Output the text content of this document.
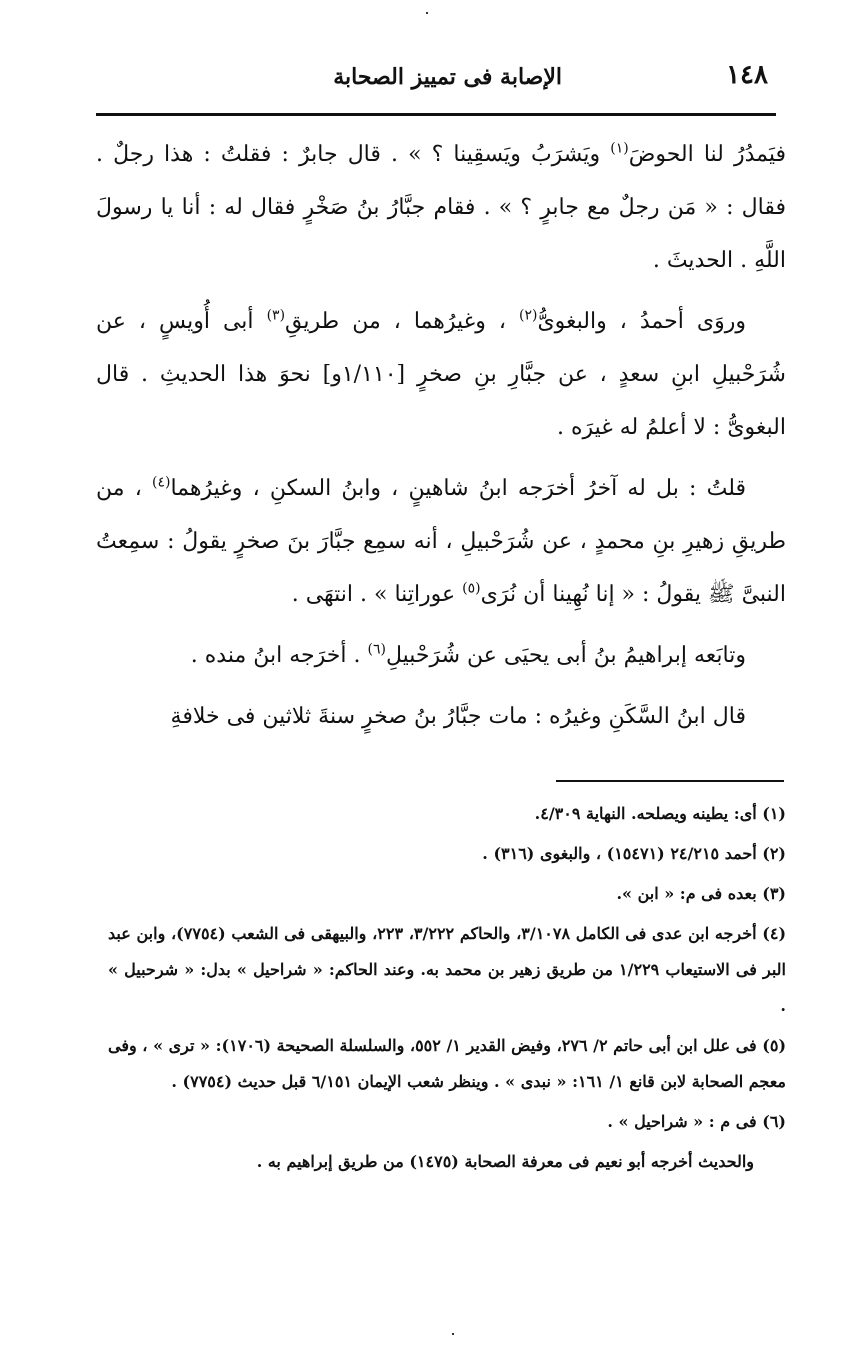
١٤٨
الإصابة فى تمييز الصحابة

فيَمدُرُ لنا الحوضَ$^{(١)}$ ويَشرَبُ ويَسقِينا ؟ » . قال جابرٌ : فقلتُ : هذا رجلٌ . فقال : « مَن رجلٌ مع جابرٍ ؟ » . فقام جبَّارُ بنُ صَخْرٍ فقال له : أنا يا رسولَ اللَّهِ . الحديثَ .

وروَى أحمدُ ، والبغوىُّ$^{(٢)}$ ، وغيرُهما ، من طريقِ$^{(٣)}$ أبى أُويسٍ ، عن شُرَحْبيلِ ابنِ سعدٍ ، عن جبَّارِ بنِ صخرٍ [١/١١٠و] نحوَ هذا الحديثِ . قال البغوىُّ : لا أعلمُ له غيرَه .

قلتُ : بل له آخرُ أخرَجه ابنُ شاهينٍ ، وابنُ السكنِ ، وغيرُهما$^{(٤)}$ ، من طريقِ زهيرِ بنِ محمدٍ ، عن شُرَحْبيلِ ، أنه سمِع جبَّارَ بنَ صخرٍ يقولُ : سمِعتُ النبىَّ ﷺ يقولُ : « إنا نُهِينا أن نُرَى$^{(٥)}$ عوراتِنا » . انتهَى .

وتابَعه إبراهيمُ بنُ أبى يحيَى عن شُرَحْبيلِ$^{(٦)}$ . أخرَجه ابنُ منده .

قال ابنُ السَّكَنِ وغيرُه : مات جبَّارُ بنُ صخرٍ سنةَ ثلاثين فى خلافةِ

(١) أى: يطينه ويصلحه. النهاية ٤/٣٠٩.

(٢) أحمد ٢٤/٢١٥ (١٥٤٧١) ، والبغوى (٣١٦) .

(٣) بعده فى م: « ابن ».

(٤) أخرجه ابن عدى فى الكامل ٣/١٠٧٨، والحاكم ٣/٢٢٢، ٢٢٣، والبيهقى فى الشعب (٧٧٥٤)، وابن عبد البر فى الاستيعاب ١/٢٢٩ من طريق زهير بن محمد به. وعند الحاكم: « شراحيل » بدل: « شرحبيل » .

(٥) فى علل ابن أبى حاتم ٢/ ٢٧٦، وفيض القدير ١/ ٥٥٢، والسلسلة الصحيحة (١٧٠٦): « ترى » ، وفى معجم الصحابة لابن قانع ١/ ١٦١: « نبدى » . وينظر شعب الإيمان ٦/١٥١ قبل حديث (٧٧٥٤) .

(٦) فى م : « شراحيل » .

والحديث أخرجه أبو نعيم فى معرفة الصحابة (١٤٧٥) من طريق إبراهيم به .
